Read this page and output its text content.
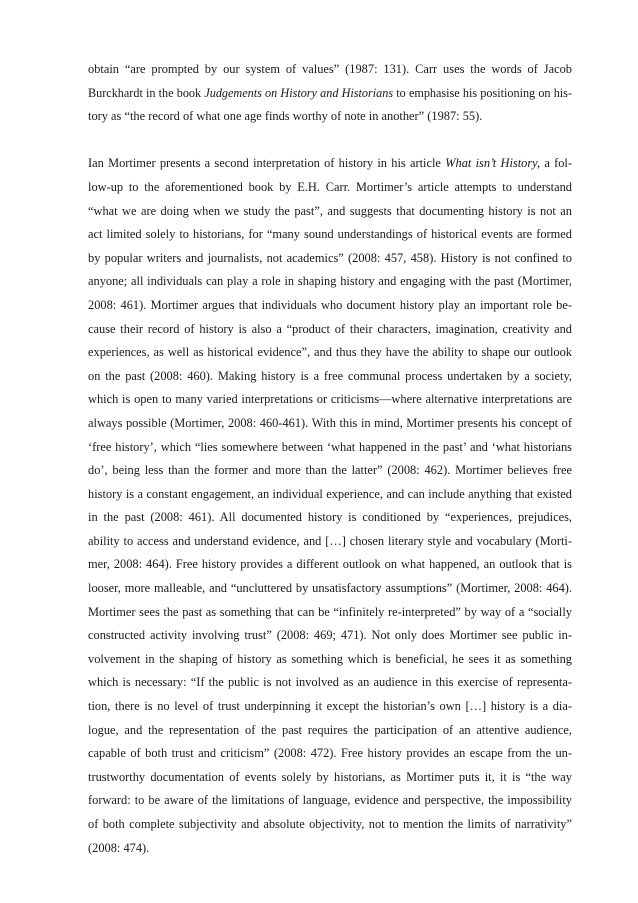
obtain “are prompted by our system of values” (1987: 131). Carr uses the words of Jacob
Burckhardt in the book Judgements on History and Historians to emphasise his positioning on his-
tory as “the record of what one age finds worthy of note in another” (1987: 55).

Ian Mortimer presents a second interpretation of history in his article What isn’t History, a fol-
low-up to the aforementioned book by E.H. Carr. Mortimer’s article attempts to understand
“what we are doing when we study the past”, and suggests that documenting history is not an
act limited solely to historians, for “many sound understandings of historical events are formed
by popular writers and journalists, not academics” (2008: 457, 458). History is not confined to
anyone; all individuals can play a role in shaping history and engaging with the past (Mortimer,
2008: 461). Mortimer argues that individuals who document history play an important role be-
cause their record of history is also a “product of their characters, imagination, creativity and
experiences, as well as historical evidence”, and thus they have the ability to shape our outlook
on the past (2008: 460). Making history is a free communal process undertaken by a society,
which is open to many varied interpretations or criticisms—where alternative interpretations are
always possible (Mortimer, 2008: 460-461). With this in mind, Mortimer presents his concept of
‘free history’, which “lies somewhere between ‘what happened in the past’ and ‘what historians
do’, being less than the former and more than the latter” (2008: 462). Mortimer believes free
history is a constant engagement, an individual experience, and can include anything that existed
in the past (2008: 461). All documented history is conditioned by “experiences, prejudices,
ability to access and understand evidence, and […] chosen literary style and vocabulary (Morti-
mer, 2008: 464). Free history provides a different outlook on what happened, an outlook that is
looser, more malleable, and “uncluttered by unsatisfactory assumptions” (Mortimer, 2008: 464).
Mortimer sees the past as something that can be “infinitely re-interpreted” by way of a “socially
constructed activity involving trust” (2008: 469; 471). Not only does Mortimer see public in-
volvement in the shaping of history as something which is beneficial, he sees it as something
which is necessary: “If the public is not involved as an audience in this exercise of representa-
tion, there is no level of trust underpinning it except the historian’s own […] history is a dia-
logue, and the representation of the past requires the participation of an attentive audience,
capable of both trust and criticism” (2008: 472). Free history provides an escape from the un-
trustworthy documentation of events solely by historians, as Mortimer puts it, it is “the way
forward: to be aware of the limitations of language, evidence and perspective, the impossibility
of both complete subjectivity and absolute objectivity, not to mention the limits of narrativity”
(2008: 474).
